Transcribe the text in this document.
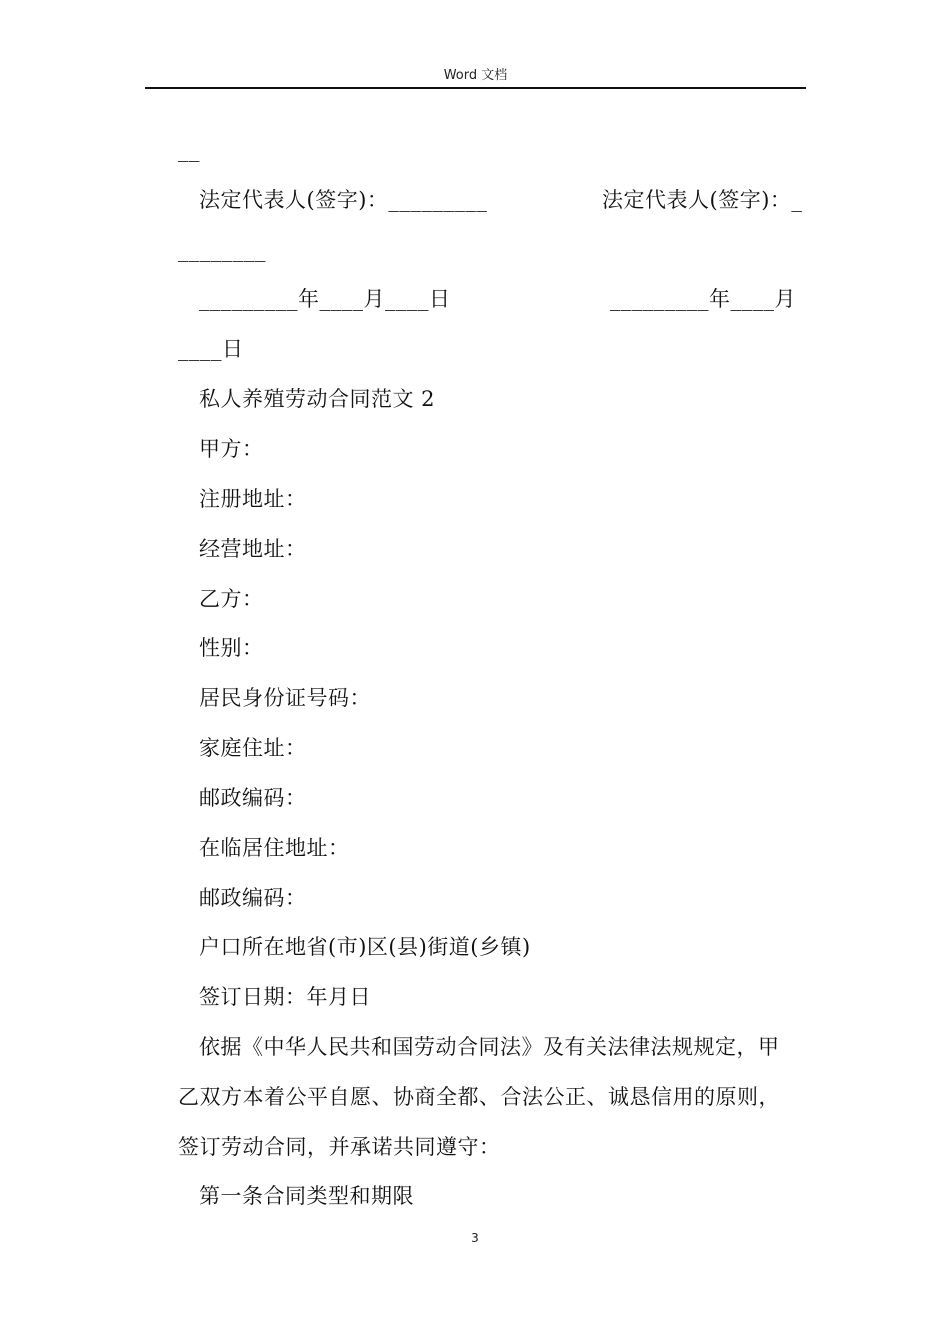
Word 文档
__
法定代表人(签字)：_________	法定代表人(签字)：_
________
_________年____月____日	_________年____月
____日
私人养殖劳动合同范文 2
甲方：
注册地址：
经营地址：
乙方：
性别：
居民身份证号码：
家庭住址：
邮政编码：
在临居住地址：
邮政编码：
户口所在地省(市)区(县)街道(乡镇)
签订日期：年月日
依据《中华人民共和国劳动合同法》及有关法律法规规定，甲
乙双方本着公平自愿、协商全都、合法公正、诚恳信用的原则，
签订劳动合同，并承诺共同遵守：
第一条合同类型和期限
3
